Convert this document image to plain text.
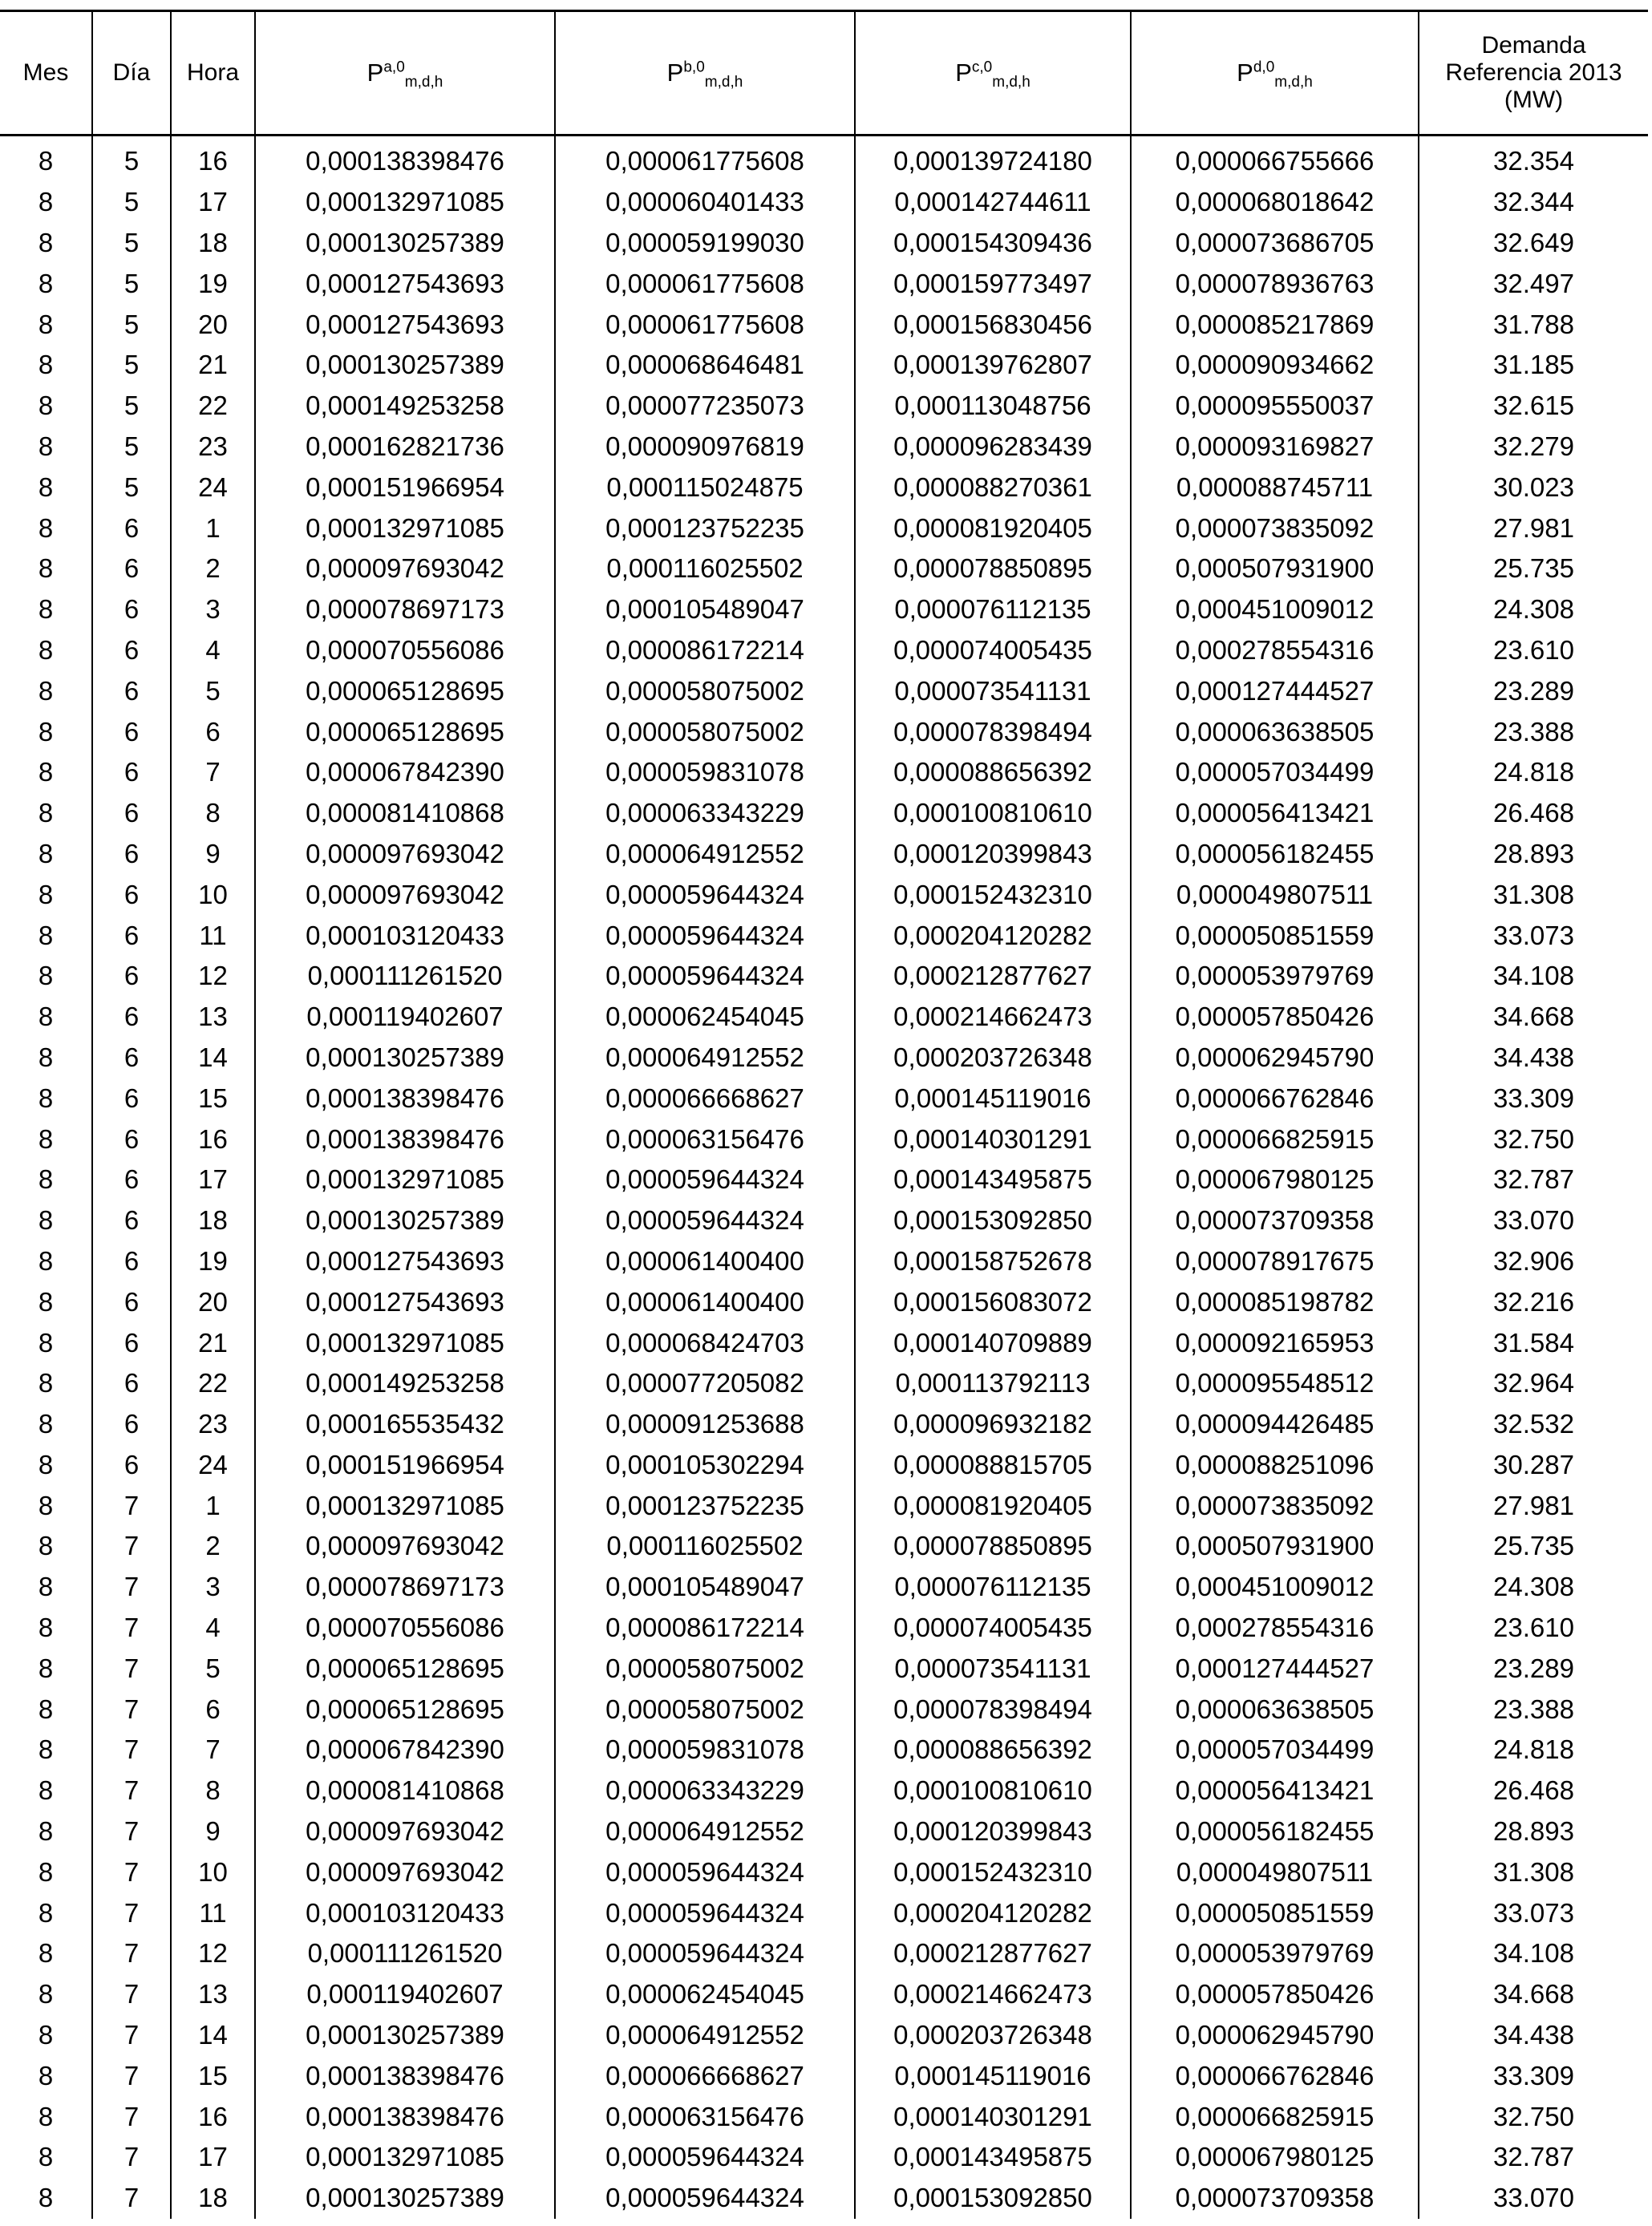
Mes	Día	Hora	P$^{a,0}_{m,d,h}$	P$^{b,0}_{m,d,h}$	P$^{c,0}_{m,d,h}$	P$^{d,0}_{m,d,h}$	Demanda
Referencia 2013
(MW)

8	5	16	0,000138398476	0,000061775608	0,000139724180	0,000066755666	32.354
8	5	17	0,000132971085	0,000060401433	0,000142744611	0,000068018642	32.344
8	5	18	0,000130257389	0,000059199030	0,000154309436	0,000073686705	32.649
8	5	19	0,000127543693	0,000061775608	0,000159773497	0,000078936763	32.497
8	5	20	0,000127543693	0,000061775608	0,000156830456	0,000085217869	31.788
8	5	21	0,000130257389	0,000068646481	0,000139762807	0,000090934662	31.185
8	5	22	0,000149253258	0,000077235073	0,000113048756	0,000095550037	32.615
8	5	23	0,000162821736	0,000090976819	0,000096283439	0,000093169827	32.279
8	5	24	0,000151966954	0,000115024875	0,000088270361	0,000088745711	30.023
8	6	1	0,000132971085	0,000123752235	0,000081920405	0,000073835092	27.981
8	6	2	0,000097693042	0,000116025502	0,000078850895	0,000507931900	25.735
8	6	3	0,000078697173	0,000105489047	0,000076112135	0,000451009012	24.308
8	6	4	0,000070556086	0,000086172214	0,000074005435	0,000278554316	23.610
8	6	5	0,000065128695	0,000058075002	0,000073541131	0,000127444527	23.289
8	6	6	0,000065128695	0,000058075002	0,000078398494	0,000063638505	23.388
8	6	7	0,000067842390	0,000059831078	0,000088656392	0,000057034499	24.818
8	6	8	0,000081410868	0,000063343229	0,000100810610	0,000056413421	26.468
8	6	9	0,000097693042	0,000064912552	0,000120399843	0,000056182455	28.893
8	6	10	0,000097693042	0,000059644324	0,000152432310	0,000049807511	31.308
8	6	11	0,000103120433	0,000059644324	0,000204120282	0,000050851559	33.073
8	6	12	0,000111261520	0,000059644324	0,000212877627	0,000053979769	34.108
8	6	13	0,000119402607	0,000062454045	0,000214662473	0,000057850426	34.668
8	6	14	0,000130257389	0,000064912552	0,000203726348	0,000062945790	34.438
8	6	15	0,000138398476	0,000066668627	0,000145119016	0,000066762846	33.309
8	6	16	0,000138398476	0,000063156476	0,000140301291	0,000066825915	32.750
8	6	17	0,000132971085	0,000059644324	0,000143495875	0,000067980125	32.787
8	6	18	0,000130257389	0,000059644324	0,000153092850	0,000073709358	33.070
8	6	19	0,000127543693	0,000061400400	0,000158752678	0,000078917675	32.906
8	6	20	0,000127543693	0,000061400400	0,000156083072	0,000085198782	32.216
8	6	21	0,000132971085	0,000068424703	0,000140709889	0,000092165953	31.584
8	6	22	0,000149253258	0,000077205082	0,000113792113	0,000095548512	32.964
8	6	23	0,000165535432	0,000091253688	0,000096932182	0,000094426485	32.532
8	6	24	0,000151966954	0,000105302294	0,000088815705	0,000088251096	30.287
8	7	1	0,000132971085	0,000123752235	0,000081920405	0,000073835092	27.981
8	7	2	0,000097693042	0,000116025502	0,000078850895	0,000507931900	25.735
8	7	3	0,000078697173	0,000105489047	0,000076112135	0,000451009012	24.308
8	7	4	0,000070556086	0,000086172214	0,000074005435	0,000278554316	23.610
8	7	5	0,000065128695	0,000058075002	0,000073541131	0,000127444527	23.289
8	7	6	0,000065128695	0,000058075002	0,000078398494	0,000063638505	23.388
8	7	7	0,000067842390	0,000059831078	0,000088656392	0,000057034499	24.818
8	7	8	0,000081410868	0,000063343229	0,000100810610	0,000056413421	26.468
8	7	9	0,000097693042	0,000064912552	0,000120399843	0,000056182455	28.893
8	7	10	0,000097693042	0,000059644324	0,000152432310	0,000049807511	31.308
8	7	11	0,000103120433	0,000059644324	0,000204120282	0,000050851559	33.073
8	7	12	0,000111261520	0,000059644324	0,000212877627	0,000053979769	34.108
8	7	13	0,000119402607	0,000062454045	0,000214662473	0,000057850426	34.668
8	7	14	0,000130257389	0,000064912552	0,000203726348	0,000062945790	34.438
8	7	15	0,000138398476	0,000066668627	0,000145119016	0,000066762846	33.309
8	7	16	0,000138398476	0,000063156476	0,000140301291	0,000066825915	32.750
8	7	17	0,000132971085	0,000059644324	0,000143495875	0,000067980125	32.787
8	7	18	0,000130257389	0,000059644324	0,000153092850	0,000073709358	33.070
